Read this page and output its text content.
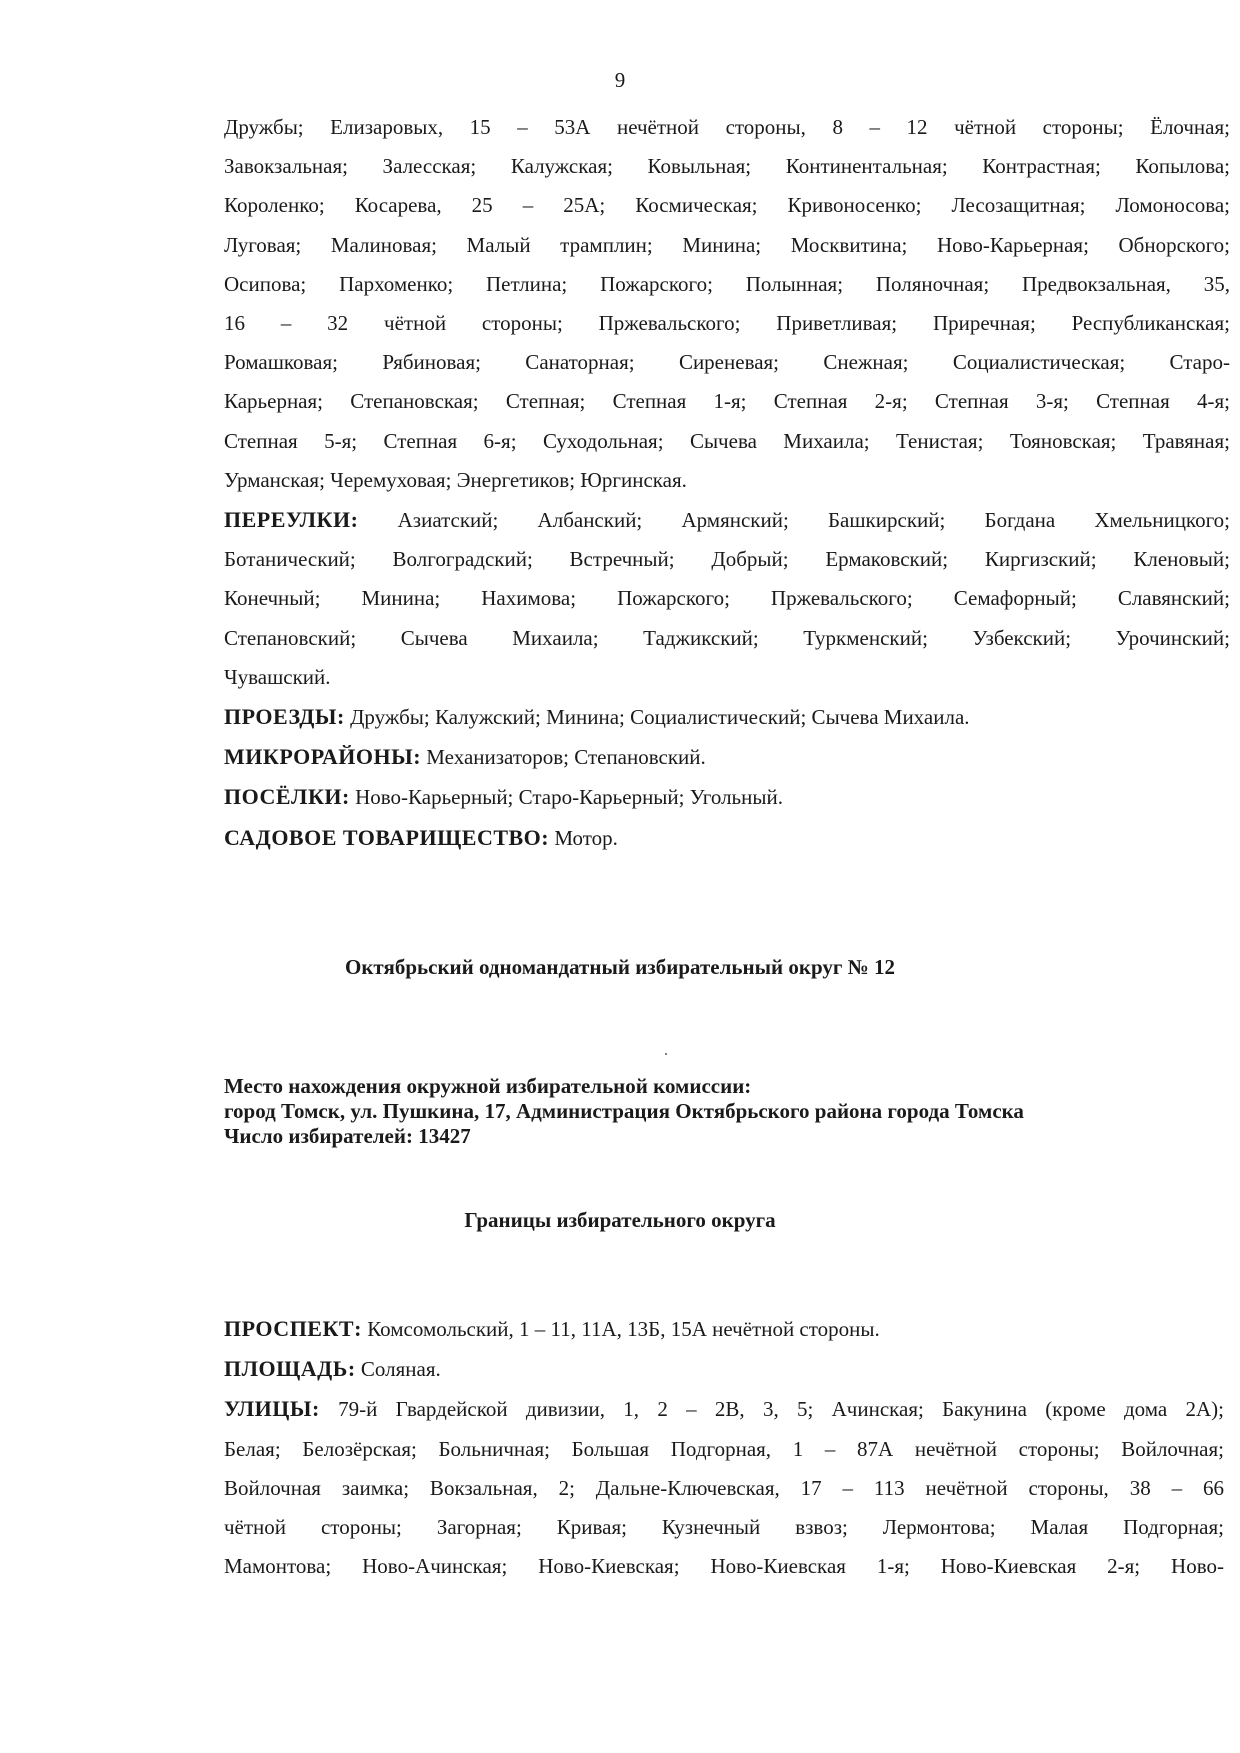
9

Дружбы; Елизаровых, 15 – 53А нечётной стороны, 8 – 12 чётной стороны; Ёлочная;
Завокзальная; Залесская; Калужская; Ковыльная; Континентальная; Контрастная; Копылова;
Короленко; Косарева, 25 – 25А; Космическая; Кривоносенко; Лесозащитная; Ломоносова;
Луговая; Малиновая; Малый трамплин; Минина; Москвитина; Ново-Карьерная; Обнорского;
Осипова; Пархоменко; Петлина; Пожарского; Полынная; Поляночная; Предвокзальная, 35,
16 – 32 чётной стороны; Пржевальского; Приветливая; Приречная; Республиканская;
Ромашковая; Рябиновая; Санаторная; Сиреневая; Снежная; Социалистическая; Старо-
Карьерная; Степановская; Степная; Степная 1-я; Степная 2-я; Степная 3-я; Степная 4-я;
Степная 5-я; Степная 6-я; Суходольная; Сычева Михаила; Тенистая; Тояновская; Травяная;
Урманская; Черемуховая; Энергетиков; Юргинская.

ПЕРЕУЛКИ: Азиатский; Албанский; Армянский; Башкирский; Богдана Хмельницкого;
Ботанический; Волгоградский; Встречный; Добрый; Ермаковский; Киргизский; Кленовый;
Конечный; Минина; Нахимова; Пожарского; Пржевальского; Семафорный; Славянский;
Степановский; Сычева Михаила; Таджикский; Туркменский; Узбекский; Урочинский;
Чувашский.

ПРОЕЗДЫ: Дружбы; Калужский; Минина; Социалистический; Сычева Михаила.

МИКРОРАЙОНЫ: Механизаторов; Степановский.

ПОСЁЛКИ: Ново-Карьерный; Старо-Карьерный; Угольный.

САДОВОЕ ТОВАРИЩЕСТВО: Мотор.

Октябрьский одномандатный избирательный округ № 12

Место нахождения окружной избирательной комиссии:
город Томск, ул. Пушкина, 17, Администрация Октябрьского района города Томска
Число избирателей: 13427

Границы избирательного округа

ПРОСПЕКТ: Комсомольский, 1 – 11, 11А, 13Б, 15А нечётной стороны.

ПЛОЩАДЬ: Соляная.

УЛИЦЫ: 79-й Гвардейской дивизии, 1, 2 – 2В, 3, 5; Ачинская; Бакунина (кроме дома 2А);
Белая; Белозёрская; Больничная; Большая Подгорная, 1 – 87А нечётной стороны; Войлочная;
Войлочная заимка; Вокзальная, 2; Дальне-Ключевская, 17 – 113 нечётной стороны, 38 – 66
чётной стороны; Загорная; Кривая; Кузнечный взвоз; Лермонтова; Малая Подгорная;
Мамонтова; Ново-Ачинская; Ново-Киевская; Ново-Киевская 1-я; Ново-Киевская 2-я; Ново-
